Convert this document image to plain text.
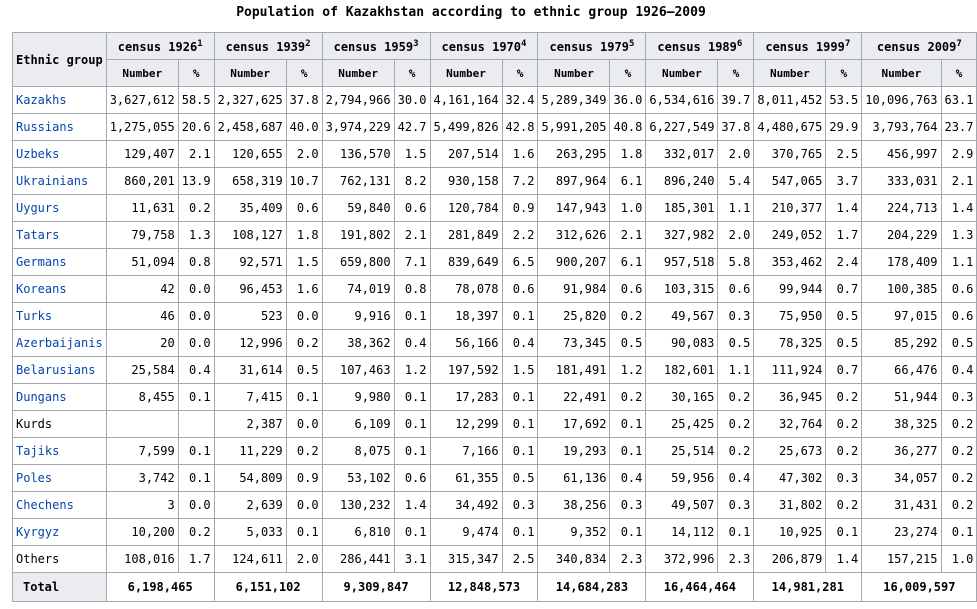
Population of Kazakhstan according to ethnic group 1926–2009
Ethnic group	census 1926$^1$		census 1939$^2$		census 1959$^3$		census 1970$^4$		census 1979$^5$		census 1989$^6$		census 1999$^7$		census 2009$^7$
	Number	%	Number	%	Number	%	Number	%	Number	%	Number	%	Number	%	Number	%
Kazakhs	3,627,612	58.5	2,327,625	37.8	2,794,966	30.0	4,161,164	32.4	5,289,349	36.0	6,534,616	39.7	8,011,452	53.5	10,096,763	63.1
Russians	1,275,055	20.6	2,458,687	40.0	3,974,229	42.7	5,499,826	42.8	5,991,205	40.8	6,227,549	37.8	4,480,675	29.9	3,793,764	23.7
Uzbeks	129,407	2.1	120,655	2.0	136,570	1.5	207,514	1.6	263,295	1.8	332,017	2.0	370,765	2.5	456,997	2.9
Ukrainians	860,201	13.9	658,319	10.7	762,131	8.2	930,158	7.2	897,964	6.1	896,240	5.4	547,065	3.7	333,031	2.1
Uygurs	11,631	0.2	35,409	0.6	59,840	0.6	120,784	0.9	147,943	1.0	185,301	1.1	210,377	1.4	224,713	1.4
Tatars	79,758	1.3	108,127	1.8	191,802	2.1	281,849	2.2	312,626	2.1	327,982	2.0	249,052	1.7	204,229	1.3
Germans	51,094	0.8	92,571	1.5	659,800	7.1	839,649	6.5	900,207	6.1	957,518	5.8	353,462	2.4	178,409	1.1
Koreans	42	0.0	96,453	1.6	74,019	0.8	78,078	0.6	91,984	0.6	103,315	0.6	99,944	0.7	100,385	0.6
Turks	46	0.0	523	0.0	9,916	0.1	18,397	0.1	25,820	0.2	49,567	0.3	75,950	0.5	97,015	0.6
Azerbaijanis	20	0.0	12,996	0.2	38,362	0.4	56,166	0.4	73,345	0.5	90,083	0.5	78,325	0.5	85,292	0.5
Belarusians	25,584	0.4	31,614	0.5	107,463	1.2	197,592	1.5	181,491	1.2	182,601	1.1	111,924	0.7	66,476	0.4
Dungans	8,455	0.1	7,415	0.1	9,980	0.1	17,283	0.1	22,491	0.2	30,165	0.2	36,945	0.2	51,944	0.3
Kurds			2,387	0.0	6,109	0.1	12,299	0.1	17,692	0.1	25,425	0.2	32,764	0.2	38,325	0.2
Tajiks	7,599	0.1	11,229	0.2	8,075	0.1	7,166	0.1	19,293	0.1	25,514	0.2	25,673	0.2	36,277	0.2
Poles	3,742	0.1	54,809	0.9	53,102	0.6	61,355	0.5	61,136	0.4	59,956	0.4	47,302	0.3	34,057	0.2
Chechens	3	0.0	2,639	0.0	130,232	1.4	34,492	0.3	38,256	0.3	49,507	0.3	31,802	0.2	31,431	0.2
Kyrgyz	10,200	0.2	5,033	0.1	6,810	0.1	9,474	0.1	9,352	0.1	14,112	0.1	10,925	0.1	23,274	0.1
Others	108,016	1.7	124,611	2.0	286,441	3.1	315,347	2.5	340,834	2.3	372,996	2.3	206,879	1.4	157,215	1.0
Total	6,198,465		6,151,102		9,309,847		12,848,573		14,684,283		16,464,464		14,981,281		16,009,597	
